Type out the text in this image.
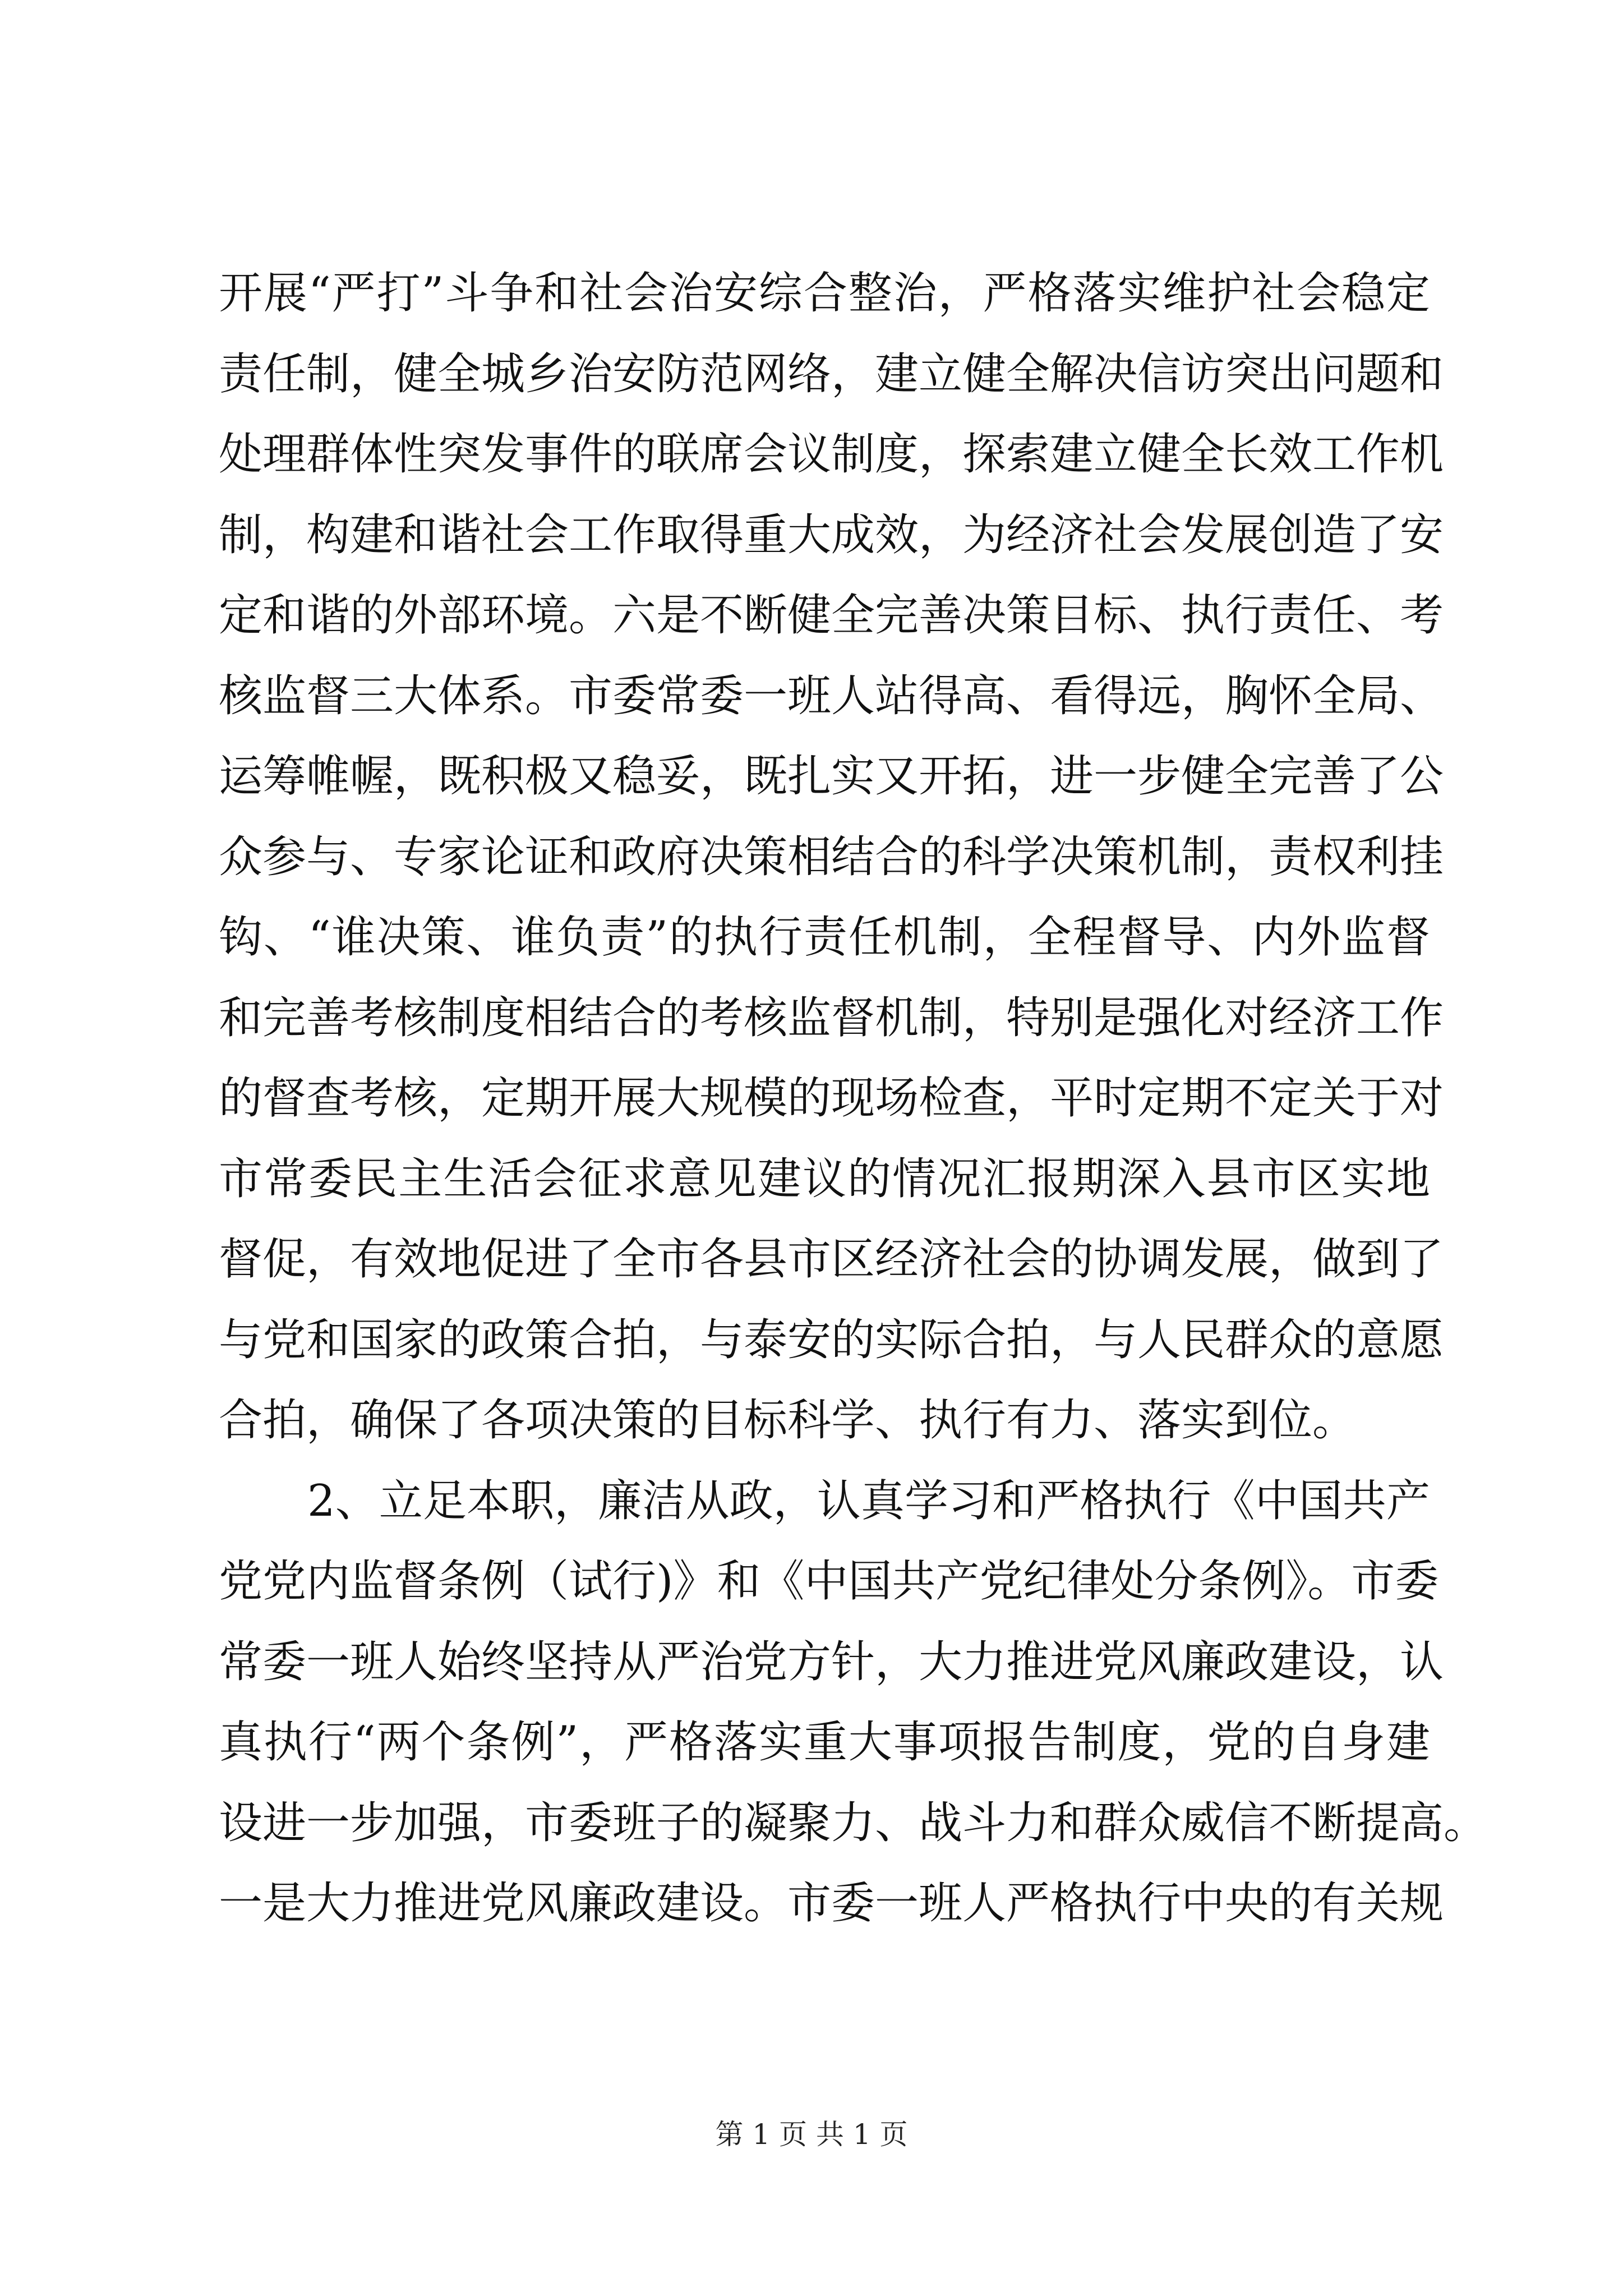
开展“严打”斗争和社会治安综合整治，严格落实维护社会稳定
责任制，健全城乡治安防范网络，建立健全解决信访突出问题和
处理群体性突发事件的联席会议制度，探索建立健全长效工作机
制，构建和谐社会工作取得重大成效，为经济社会发展创造了安
定和谐的外部环境。六是不断健全完善决策目标、执行责任、考
核监督三大体系。市委常委一班人站得高、看得远，胸怀全局、
运筹帷幄，既积极又稳妥，既扎实又开拓，进一步健全完善了公
众参与、专家论证和政府决策相结合的科学决策机制，责权利挂
钩、“谁决策、谁负责”的执行责任机制，全程督导、内外监督
和完善考核制度相结合的考核监督机制，特别是强化对经济工作
的督查考核，定期开展大规模的现场检查，平时定期不定关于对
市常委民主生活会征求意见建议的情况汇报期深入县市区实地
督促，有效地促进了全市各县市区经济社会的协调发展，做到了
与党和国家的政策合拍，与泰安的实际合拍，与人民群众的意愿
合拍，确保了各项决策的目标科学、执行有力、落实到位。
2、立足本职，廉洁从政，认真学习和严格执行《中国共产
党党内监督条例（试行)》和《中国共产党纪律处分条例》。市委
常委一班人始终坚持从严治党方针，大力推进党风廉政建设，认
真执行“两个条例”，严格落实重大事项报告制度，党的自身建
设进一步加强，市委班子的凝聚力、战斗力和群众威信不断提高。
一是大力推进党风廉政建设。市委一班人严格执行中央的有关规
第 1 页 共 1 页
